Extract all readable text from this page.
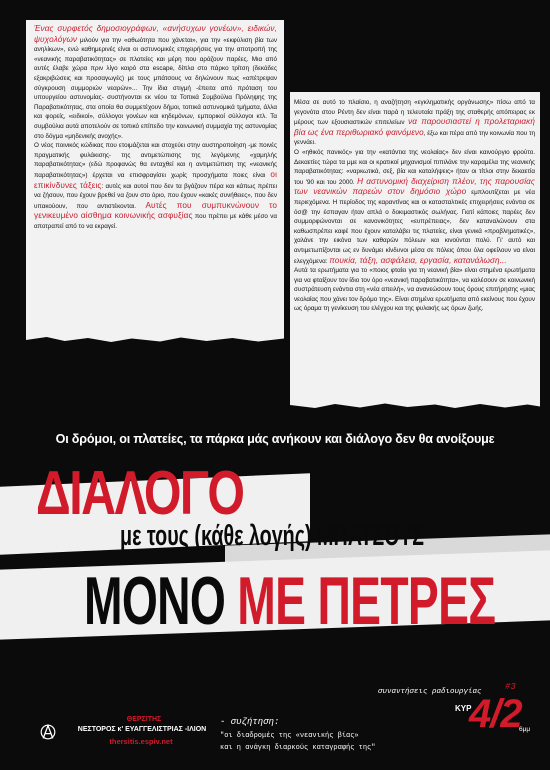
Ένας συρφετός δημοσιογράφων, «ανήσυχων γονέων», ειδικών, ψυχολόγων μιλούν για την «αθωότητα που χάνεται», για την «εκφύλιση βία των ανηλίκων», ενώ καθημερινές είναι οι αστυνομικές επιχειρήσεις για την αποτροπή της «νεανικής παραβατικότητας» σε πλατείες και μέρη που αράζουν παρέες. Μια από αυτές έλαβε χώρα πριν λίγο καιρό στα escape, δίπλα στο πάρκο τρίτση (δεκάδες εξακριβώσεις και προσαγωγές) με τους μπάτσους να δηλώνουν πως «απέτρεψαν σύγκρουση συμμοριών νεαρών»... Την ίδια στιγμή -έπειτα από πρόταση του υπουργείου αστυνομίας- συστήνονται εκ νέου τα Τοπικά Συμβούλια Πρόληψης της Παραβατικότητας, στα οποία θα συμμετέχουν δήμοι, τοπικά αστυνομικά τμήματα, άλλα και φορείς, «ειδικοί», σύλλογοι γονέων και κηδεμόνων, εμπορικοί σύλλογοι κτλ. Τα συμβούλια αυτά αποτελούν σε τοπικό επίπεδο την κοινωνική συμμαχία της αστυνομίας στο δόγμα «μηδενικής ανοχής».

Ο νέος ποινικός κώδικας που ετοιμάζεται και στοχεύει στην αυστηροποίηση -με ποινές πραγματικής φυλάκισης- της αντιμετώπισης της λεγόμενης «χαμηλής παραβατικότητας» (εδώ προφανώς θα ενταχθεί και η αντιμετώπιση της «νεανικής παραβατικότητας») έρχεται να επισφραγίσει χωρίς προσχήματα ποιες είναι οι επικίνδυνες τάξεις: αυτές και αυτοί που δεν τα βγάζουν πέρα και κάπως πρέπει να ζήσουν, που έχουν βρεθεί να ζουν στο όριο, που έχουν «κακές συνήθειες», που δεν υπακούουν, που αντιστέκονται. Αυτές που συμπυκνώνουν το γενικευμένο αίσθημα κοινωνικής ασφυξίας που πρέπει με κάθε μέσο να αποτραπεί από το να εκραγεί.

Μέσα σε αυτό το πλαίσιο, η αναζήτηση «εγκληματικής οργάνωσης» πίσω από τα γεγονότα στου Ρέντη δεν είναι παρά η τελευταία πράξη της σταθερής απόπειρας εκ μέρους των εξουσιαστικών επιτελείων να παρουσιαστεί η προλεταριακή βία ως ένα περιθωριακό φαινόμενο, έξω και πέρα από την κοινωνία που τη γεννάει.

Ο «ηθικός πανικός» για την «κατάντια της νεολαίας» δεν είναι καινούργιο φρούτο. Δεκαετίες τώρα τα μμε και οι κρατικοί μηχανισμοί πιπιλάνε την καραμέλα της νεανικής παραβατικότητας: «ναρκωτικά, σεξ, βία και καταλήψεις» ήταν οι τίτλοι στην δεκαετία του '90 και του 2000. Η αστυνομική διαχείριση πλέον, της παρουσίας των νεανικών παρεών στον δημόσιο χώρο εμπλουτίζεται με νέα περιεχόμενα. Η περίοδος της καραντίνας και οι κατασταλτικές επιχειρήσεις ενάντια σε όσ@ την έσπαγαν ήταν απλά ο δοκιμαστικός σωλήνας. Γιατί κάποιες παρέες δεν συμμορφώνονται σε κανονικότητες «ευπρέπειας», δεν καταναλώνουν στα καθωσπρέπει καφέ που έχουν καταλάβει τις πλατείες, είναι γενικά «προβληματικές», χαλάνε την εικόνα των καθαρών πόλεων και κινούνται πολύ. Γι' αυτό και αντιμετωπίζονται ως εν δυνάμει κίνδυνοι μέσα σε πόλεις όπου όλα οφείλουν να είναι ελεγχόμενα: πουκία, τάξη, ασφάλεια, εργασία, κατανάλωση...

Αυτά τα ερωτήματα για το «ποιος φταίει για τη νεανική βία» είναι στημένα ερωτήματα για να φταίξουν τον ίδιο τον όρο «νεανική παραβατικότητα», να καλέσουν σε κοινωνική συστράτευση ενάντια στη «νέα απειλή», να ανανεώσουν τους όρους επιτήρησης «μιας νεολαίας που χάνει τον δρόμο της». Είναι στημένα ερωτήματα από εκείνους που έχουν ως όραμα τη γενίκευση του ελέγχου και της φυλακής ως όρων ζωής.

Οι δρόμοι, οι πλατείες, τα πάρκα μάς ανήκουν και διάλογο δεν θα ανοίξουμε
ΔΙΑΛΟΓΟ
με τους (κάθε λογής) ΜΠΑΤΣΟΥΣ
ΜΟΝΟ ΜΕ ΠΕΤΡΕΣ
συναντήσεις ραδιουργίας	#3
ΚΥΡ
4/2
6μμ
- συζήτηση:
"οι διαδρομές της «νεανικής βίας»
και η ανάγκη διαρκούς καταγραφής της"
ΘΕΡΣΙΤΗΣ
ΝΕΣΤΟΡΟΣ κ' ΕΥΑΓΓΕΛΙΣΤΡΙΑΣ -ΙΛΙΟΝ
thersitis.espiv.net
